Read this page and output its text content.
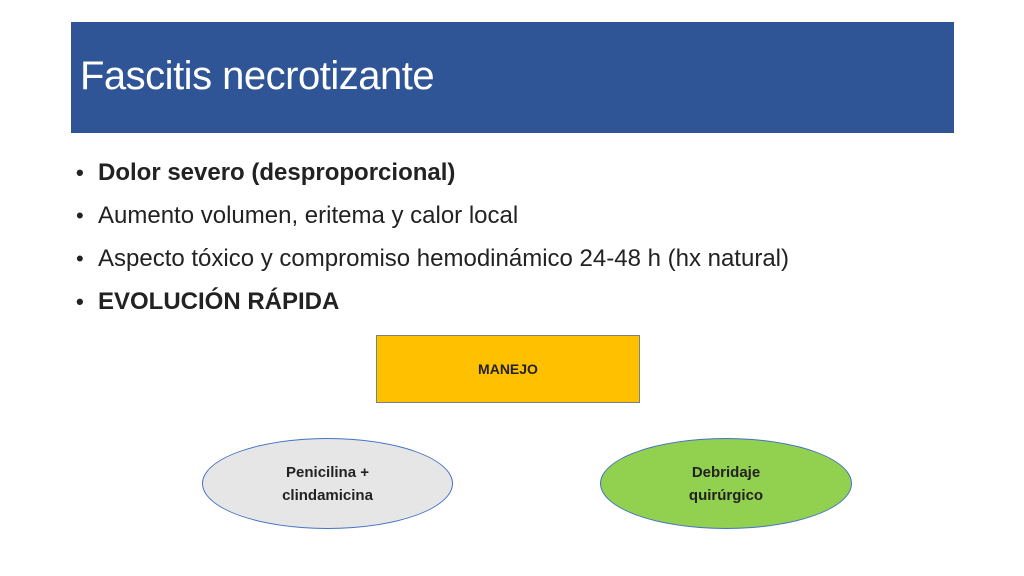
Fascitis necrotizante
• Dolor severo (desproporcional)
• Aumento volumen, eritema y calor local
• Aspecto tóxico y compromiso hemodinámico 24-48 h (hx natural)
• EVOLUCIÓN RÁPIDA
MANEJO
Penicilina +
clindamicina
Debridaje
quirúrgico
